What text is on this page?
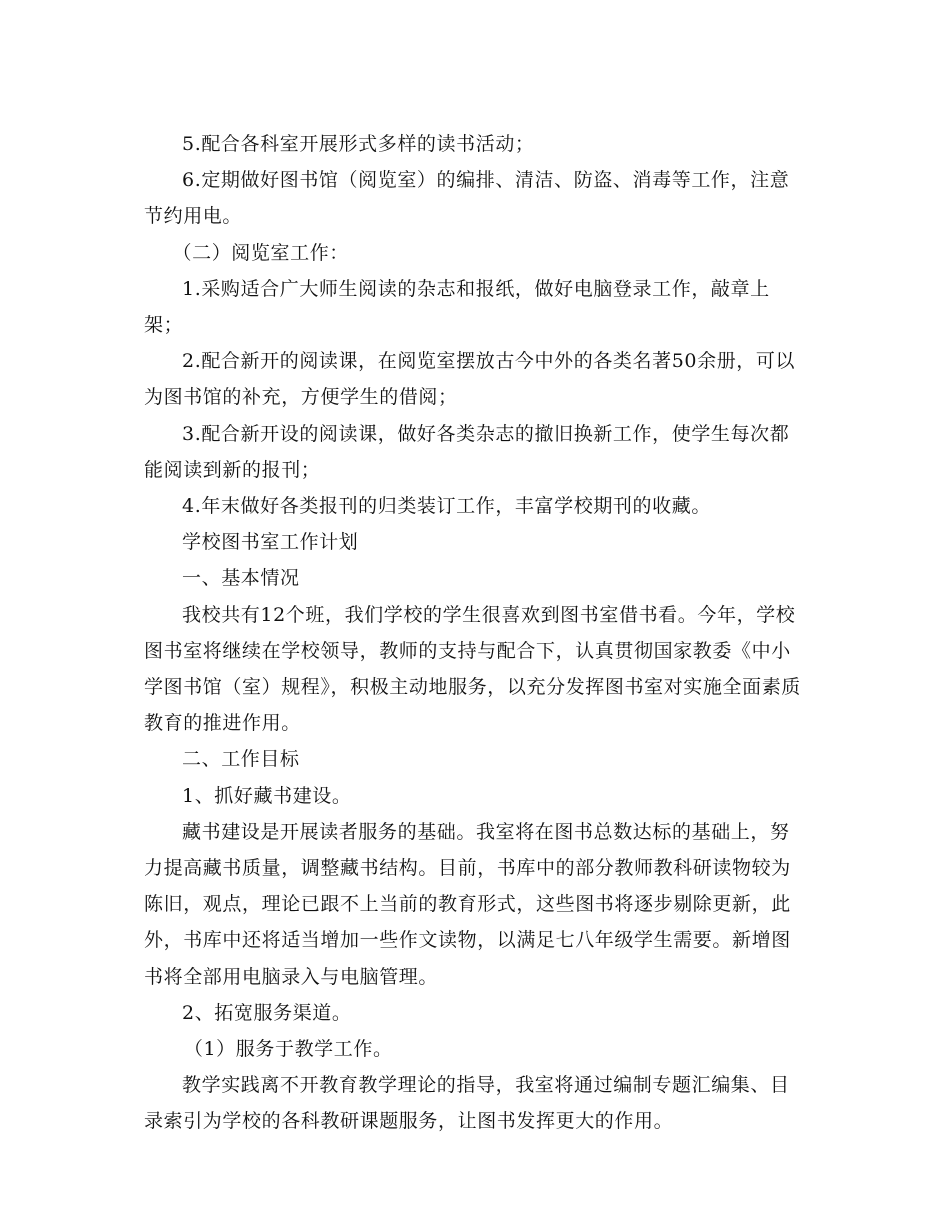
5.配合各科室开展形式多样的读书活动；

6.定期做好图书馆（阅览室）的编排、清洁、防盗、消毒等工作，注意节约用电。

（二）阅览室工作：

1.采购适合广大师生阅读的杂志和报纸，做好电脑登录工作，敲章上架；

2.配合新开的阅读课，在阅览室摆放古今中外的各类名著50余册，可以为图书馆的补充，方便学生的借阅；

3.配合新开设的阅读课，做好各类杂志的撤旧换新工作，使学生每次都能阅读到新的报刊；

4.年末做好各类报刊的归类装订工作，丰富学校期刊的收藏。

学校图书室工作计划

一、基本情况

我校共有12个班，我们学校的学生很喜欢到图书室借书看。今年，学校图书室将继续在学校领导，教师的支持与配合下，认真贯彻国家教委《中小学图书馆（室）规程》，积极主动地服务，以充分发挥图书室对实施全面素质教育的推进作用。

二、工作目标

1、抓好藏书建设。

藏书建设是开展读者服务的基础。我室将在图书总数达标的基础上，努力提高藏书质量，调整藏书结构。目前，书库中的部分教师教科研读物较为陈旧，观点，理论已跟不上当前的教育形式，这些图书将逐步剔除更新，此外，书库中还将适当增加一些作文读物，以满足七八年级学生需要。新增图书将全部用电脑录入与电脑管理。

2、拓宽服务渠道。

（1）服务于教学工作。

教学实践离不开教育教学理论的指导，我室将通过编制专题汇编集、目录索引为学校的各科教研课题服务，让图书发挥更大的作用。
